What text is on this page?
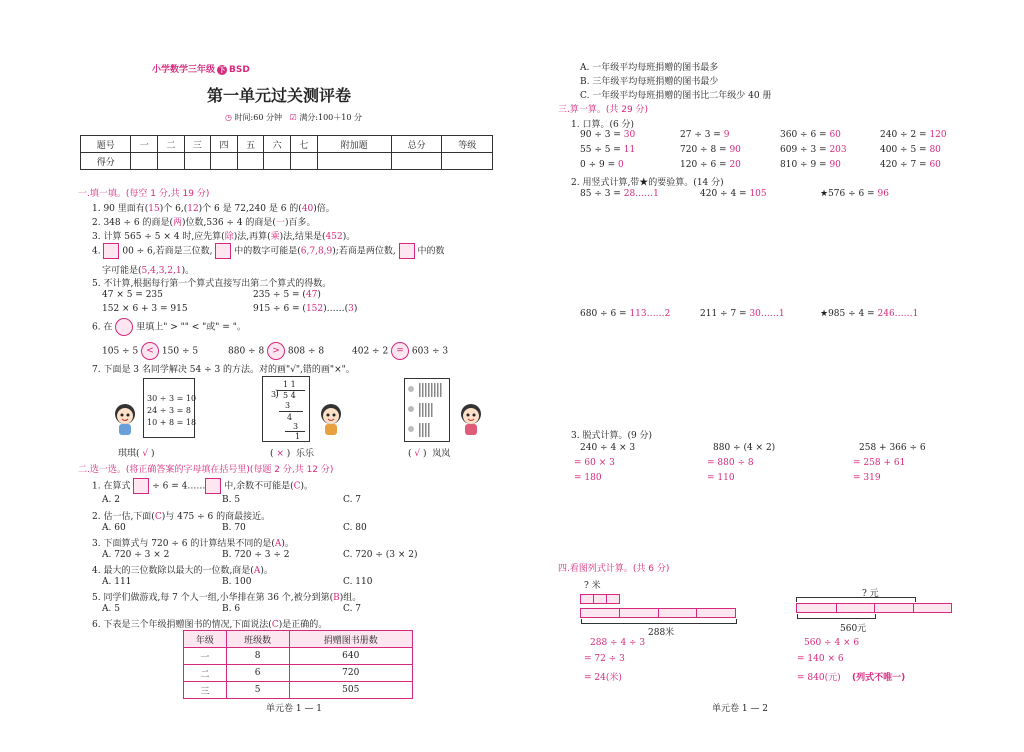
小学数学三年级 下 BSD
第一单元过关测评卷
◷ 时间:60 分钟 ☑ 满分:100＋10 分
题号	一	二	三	四	五	六	七	附加题	总分	等级
得分										
一.填一填。(每空 1 分,共 19 分)
1. 90 里面有(15)个 6,(12)个 6 是 72,240 是 6 的(40)倍。
2. 348 ÷ 6 的商是(两)位数,536 ÷ 4 的商是(一)百多。
3. 计算 565 ÷ 5 × 4 时,应先算(除)法,再算(乘)法,结果是(452)。
4. 00 ÷ 6,若商是三位数, 中的数字可能是(6,7,8,9);若商是两位数, 中的数
字可能是(5,4,3,2,1)。
5. 不计算,根据每行第一个算式直接写出第二个算式的得数。
47 × 5 = 235	235 ÷ 5 = (47)
152 × 6 + 3 = 915	915 ÷ 6 = (152)……(3)
6. 在	里填上" > "" < "或" = "。
105 ÷ 5 < 150 ÷ 5	880 ÷ 8 > 808 ÷ 8	402 ÷ 2 = 603 ÷ 3
7. 下面是 3 名同学解决 54 ÷ 3 的方法。对的画"√",错的画"×"。
30 ÷ 3 = 10
24 ÷ 3 = 8
10 + 8 = 18
1 1
3
) 5 4
3
4
3
1
琪琪( √ )	( × )  乐乐	( √ )  岚岚
二.选一选。(将正确答案的字母填在括号里)(每题 2 分,共 12 分)
1. 在算式 ÷ 6 = 4…… 中,余数不可能是(C)。
A. 2	B. 5	C. 7
2. 估一估,下面(C)与 475 ÷ 6 的商最接近。
A. 60	B. 70	C. 80
3. 下面算式与 720 ÷ 6 的计算结果不同的是(A)。
A. 720 ÷ 3 × 2	B. 720 ÷ 3 ÷ 2	C. 720 ÷ (3 × 2)
4. 最大的三位数除以最大的一位数,商是(A)。
A. 111	B. 100	C. 110
5. 同学们做游戏,每 7 个人一组,小华排在第 36 个,被分到第(B)组。
A. 5	B. 6	C. 7
6. 下表是三个年级捐赠图书的情况,下面说法(C)是正确的。
年级	班级数	捐赠图书册数
一	8	640
二	6	720
三	5	505
单元卷 1 — 1
A. 一年级平均每班捐赠的图书最多
B. 三年级平均每班捐赠的图书最少
C. 一年级平均每班捐赠的图书比二年级少 40 册
三.算一算。(共 29 分)
1. 口算。(6 分)
90 ÷ 3 = 30	27 ÷ 3 = 9	360 ÷ 6 = 60	240 ÷ 2 = 120
55 ÷ 5 = 11	720 ÷ 8 = 90	609 ÷ 3 = 203	400 ÷ 5 = 80
0 ÷ 9 = 0	120 ÷ 6 = 20	810 ÷ 9 = 90	420 ÷ 7 = 60
2. 用竖式计算,带★的要验算。(14 分)
85 ÷ 3 = 28……1	420 ÷ 4 = 105	★576 ÷ 6 = 96
680 ÷ 6 = 113……2	211 ÷ 7 = 30……1	★985 ÷ 4 = 246……1
3. 脱式计算。(9 分)
240 ÷ 4 × 3
= 60 × 3
= 180
880 ÷ (4 × 2)
= 880 ÷ 8
= 110
258 + 366 ÷ 6
= 258 + 61
= 319
四.看图列式计算。(共 6 分)
? 米
288米
288 ÷ 4 ÷ 3
= 72 ÷ 3
= 24(米)
? 元
560元
560 ÷ 4 × 6
= 140 × 6
= 840(元) (列式不唯一)
单元卷 1 — 2
